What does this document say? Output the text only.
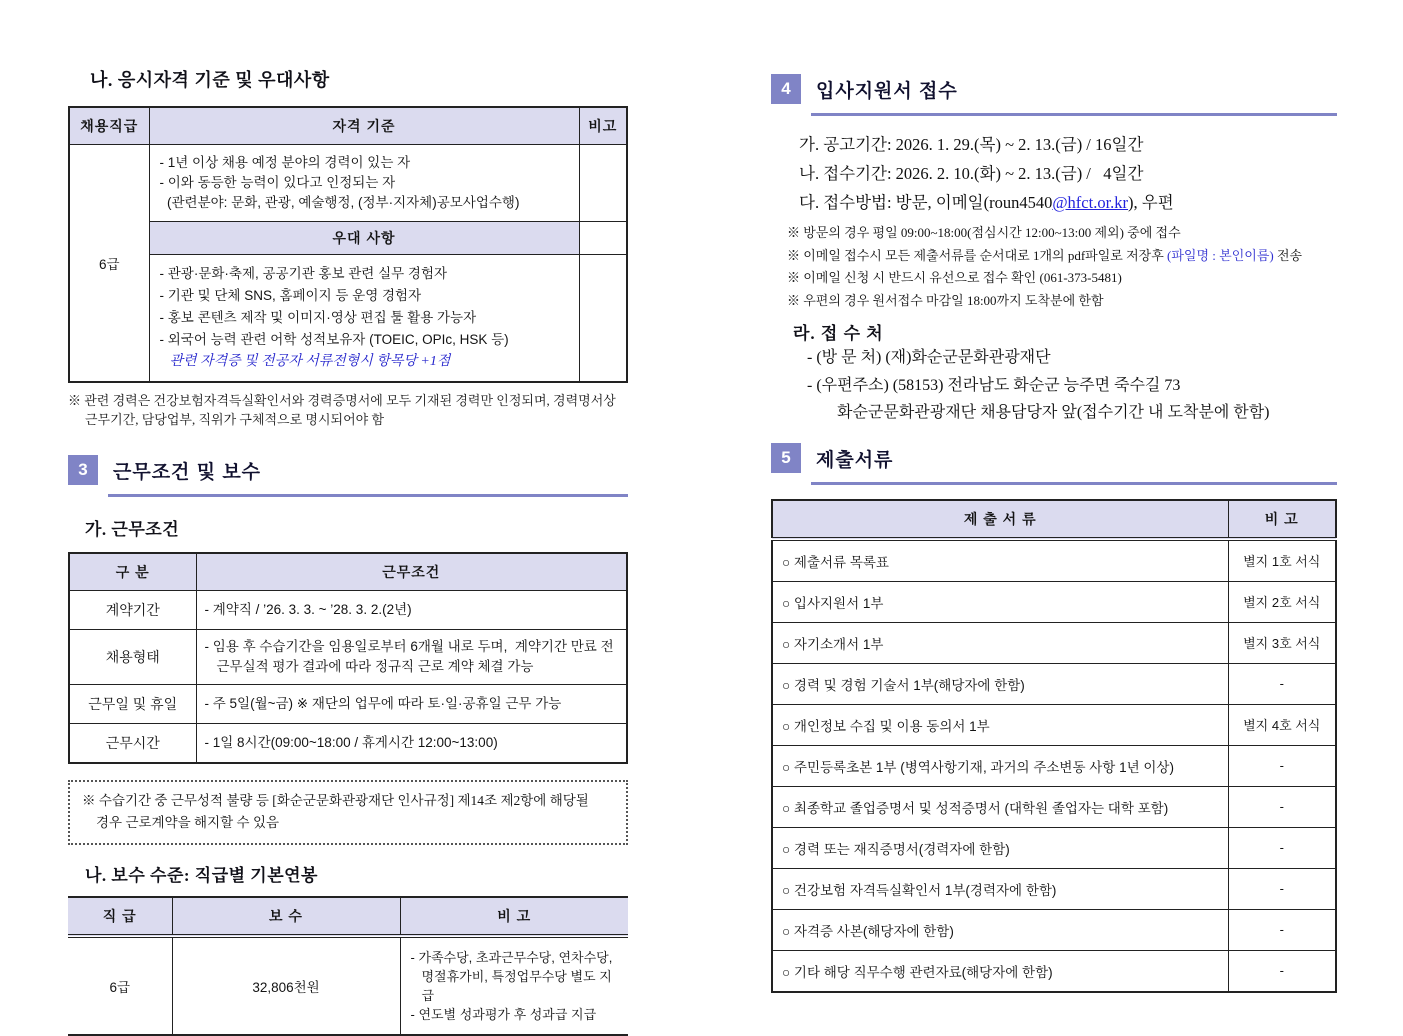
나. 응시자격 기준 및 우대사항
채용직급	자격 기준	비고
6급	- 1년 이상 채용 예정 분야의 경력이 있는 자
- 이와 동등한 능력이 있다고 인정되는 자
(관련분야: 문화, 관광, 예술행정, (정부·지자체)공모사업수행)	

	우대 사항	

	- 관광·문화·축제, 공공기관 홍보 관련 실무 경험자
- 기관 및 단체 SNS, 홈페이지 등 운영 경험자
- 홍보 콘텐츠 제작 및 이미지·영상 편집 툴 활용 가능자
- 외국어 능력 관련 어학 성적보유자 (TOEIC, OPIc, HSK 등)
관련 자격증 및 전공자 서류전형시 항목당 +1점	

※ 관련 경력은 건강보험자격득실확인서와 경력증명서에 모두 기재된 경력만 인정되며, 경력명서상
근무기간, 담당업부, 직위가 구체적으로 명시되어야 함
3	근무조건 및 보수
가. 근무조건
구 분	근무조건
계약기간	- 계약직 / ’26. 3. 3. ~ ’28. 3. 2.(2년)

채용형태	- 임용 후 수습기간을 임용일로부터 6개월 내로 두며,  계약기간 만료 전
근무실적 평가 결과에 따라 정규직 근로 계약 체결 가능

근무일 및 휴일	- 주 5일(월~금) ※ 재단의 업무에 따라 토·일·공휴일 근무 가능

근무시간	- 1일 8시간(09:00~18:00 / 휴게시간 12:00~13:00)
※ 수습기간 중 근무성적 불량 등 [화순군문화관광재단 인사규정] 제14조 제2항에 해당될
경우 근로계약을 해지할 수 있음
나. 보수 수준: 직급별 기본연봉
직 급	보 수	비 고
6급	32,806천원	- 가족수당, 초과근무수당, 연차수당,
명절휴가비, 특정업무수당 별도 지급
- 연도별 성과평가 후 성과급 지급
4	입사지원서 접수
가. 공고기간: 2026. 1. 29.(목) ~ 2. 13.(금) / 16일간
나. 접수기간: 2026. 2. 10.(화) ~ 2. 13.(금) /   4일간
다. 접수방법: 방문, 이메일(roun4540@hfct.or.kr), 우편
※ 방문의 경우 평일 09:00~18:00(점심시간 12:00~13:00 제외) 중에 접수
※ 이메일 접수시 모든 제출서류를 순서대로 1개의 pdf파일로 저장후 (파일명 : 본인이름) 전송
※ 이메일 신청 시 반드시 유선으로 접수 확인 (061-373-5481)
※ 우편의 경우 원서접수 마감일 18:00까지 도착분에 한함
라. 접 수 처
- (방 문 처) (재)화순군문화관광재단
- (우편주소) (58153) 전라남도 화순군 능주면 죽수길 73
화순군문화관광재단 채용담당자 앞(접수기간 내 도착분에 한함)
5	제출서류
제 출 서 류	비 고
○ 제출서류 목록표	별지 1호 서식
○ 입사지원서 1부	별지 2호 서식
○ 자기소개서 1부	별지 3호 서식
○ 경력 및 경험 기술서 1부(해당자에 한함)	-
○ 개인정보 수집 및 이용 동의서 1부	별지 4호 서식
○ 주민등록초본 1부 (병역사항기재, 과거의 주소변동 사항 1년 이상)	-
○ 최종학교 졸업증명서 및 성적증명서 (대학원 졸업자는 대학 포함)	-
○ 경력 또는 재직증명서(경력자에 한함)	-
○ 건강보험 자격득실확인서 1부(경력자에 한함)	-
○ 자격증 사본(해당자에 한함)	-
○ 기타 해당 직무수행 관련자료(해당자에 한함)	-
